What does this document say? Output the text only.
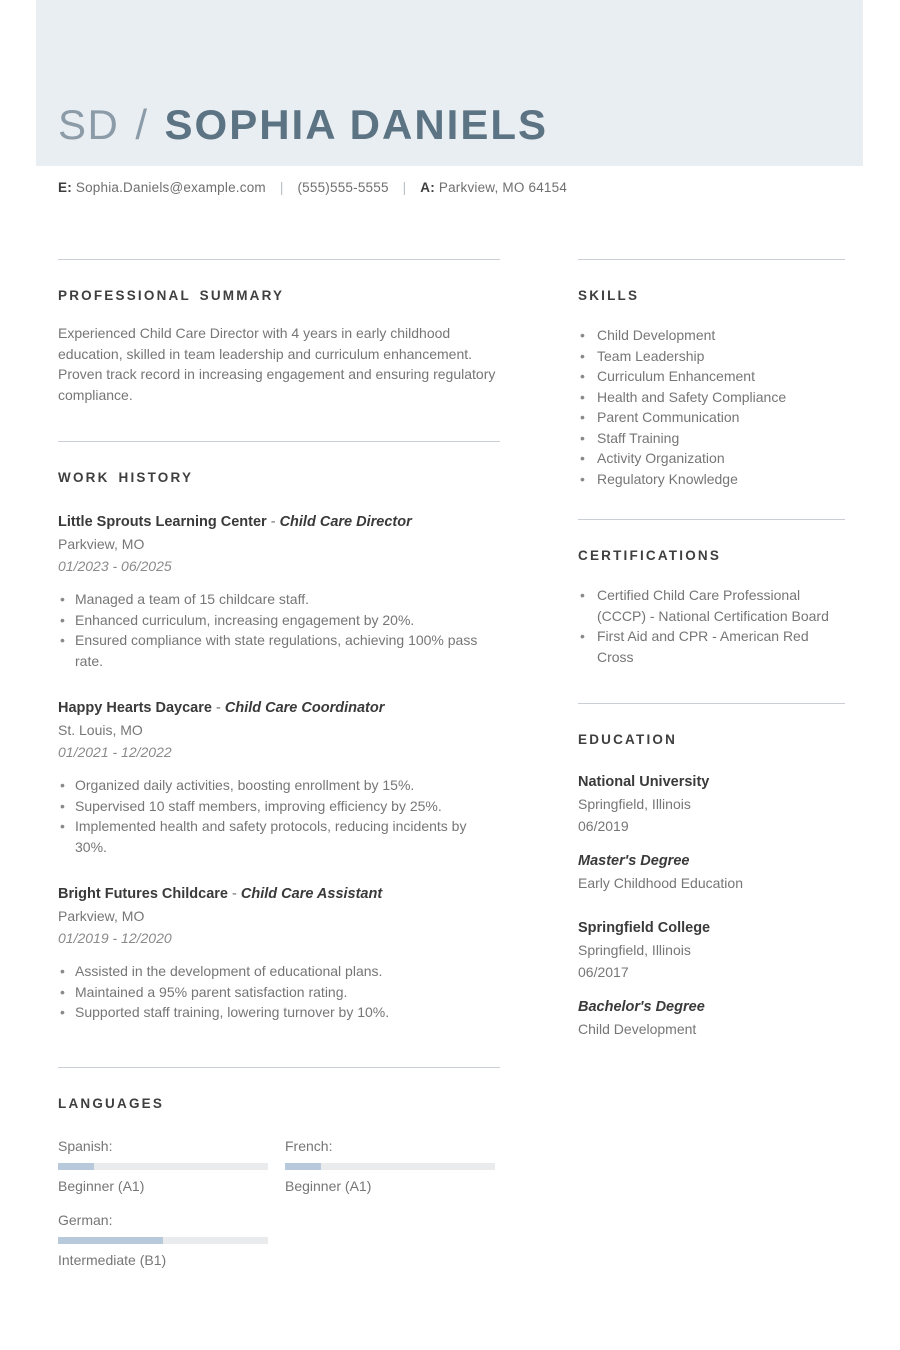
SD / SOPHIA DANIELS
E: Sophia.Daniels@example.com | (555)555-5555 | A: Parkview, MO 64154
PROFESSIONAL SUMMARY

Experienced Child Care Director with 4 years in early childhood education, skilled in team leadership and curriculum enhancement. Proven track record in increasing engagement and ensuring regulatory compliance.

WORK HISTORY
Little Sprouts Learning Center - Child Care Director
Parkview, MO
01/2023 - 06/2025
• Managed a team of 15 childcare staff.
• Enhanced curriculum, increasing engagement by 20%.
• Ensured compliance with state regulations, achieving 100% pass rate.
Happy Hearts Daycare - Child Care Coordinator
St. Louis, MO
01/2021 - 12/2022
• Organized daily activities, boosting enrollment by 15%.
• Supervised 10 staff members, improving efficiency by 25%.
• Implemented health and safety protocols, reducing incidents by 30%.
Bright Futures Childcare - Child Care Assistant
Parkview, MO
01/2019 - 12/2020
• Assisted in the development of educational plans.
• Maintained a 95% parent satisfaction rating.
• Supported staff training, lowering turnover by 10%.
LANGUAGES
Spanish:
Beginner (A1)
French:
Beginner (A1)
German:
Intermediate (B1)
SKILLS
• Child Development
• Team Leadership
• Curriculum Enhancement
• Health and Safety Compliance
• Parent Communication
• Staff Training
• Activity Organization
• Regulatory Knowledge
CERTIFICATIONS
• Certified Child Care Professional (CCCP) - National Certification Board
• First Aid and CPR - American Red Cross
EDUCATION
National University
Springfield, Illinois
06/2019
Master's Degree
Early Childhood Education
Springfield College
Springfield, Illinois
06/2017
Bachelor's Degree
Child Development
